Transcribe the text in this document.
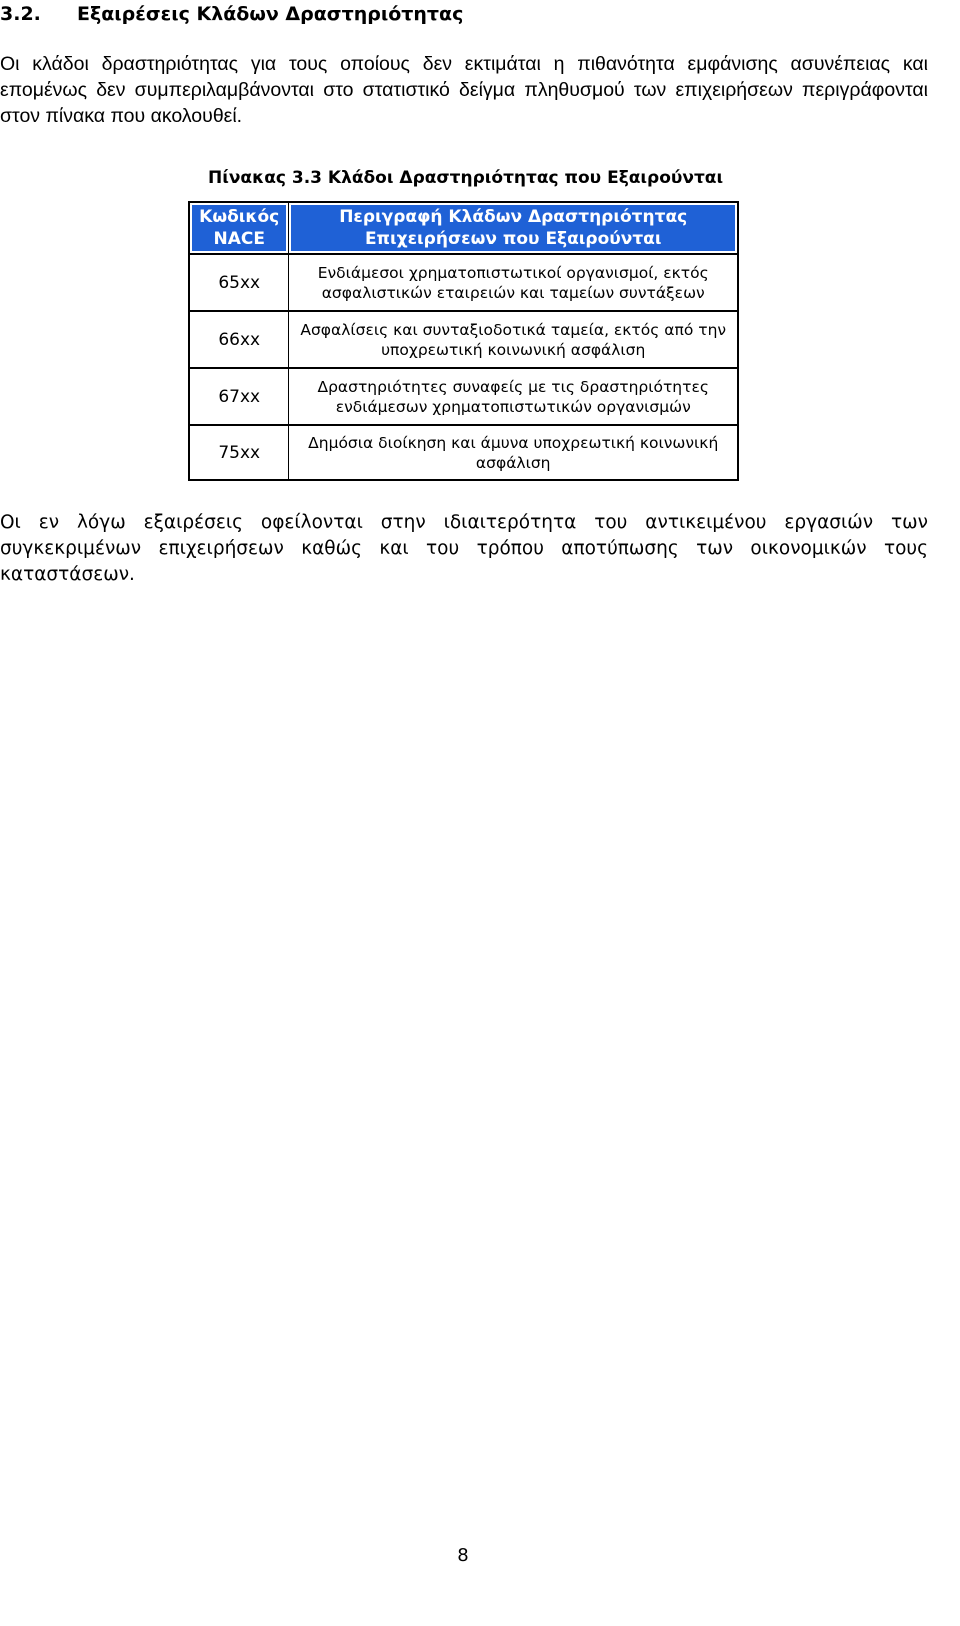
3.2. Εξαιρέσεις Κλάδων Δραστηριότητας

Οι κλάδοι δραστηριότητας για τους οποίους δεν εκτιμάται η πιθανότητα εμφάνισης ασυνέπειας και επομένως δεν συμπεριλαμβάνονται στο στατιστικό δείγμα πληθυσμού των επιχειρήσεων περιγράφονται στον πίνακα που ακολουθεί.

Πίνακας 3.3 Κλάδοι Δραστηριότητας που Εξαιρούνται

Κωδικός
NACE	Περιγραφή Κλάδων Δραστηριότητας
Επιχειρήσεων που Εξαιρούνται
65xx	Ενδιάμεσοι χρηματοπιστωτικοί οργανισμοί, εκτός
ασφαλιστικών εταιρειών και ταμείων συντάξεων
66xx	Ασφαλίσεις και συνταξιοδοτικά ταμεία, εκτός από την
υποχρεωτική κοινωνική ασφάλιση
67xx	Δραστηριότητες συναφείς με τις δραστηριότητες
ενδιάμεσων χρηματοπιστωτικών οργανισμών
75xx	Δημόσια διοίκηση και άμυνα υποχρεωτική κοινωνική
ασφάλιση

Οι εν λόγω εξαιρέσεις οφείλονται στην ιδιαιτερότητα του αντικειμένου εργασιών των συγκεκριμένων επιχειρήσεων καθώς και του τρόπου αποτύπωσης των οικονομικών τους καταστάσεων.

8
